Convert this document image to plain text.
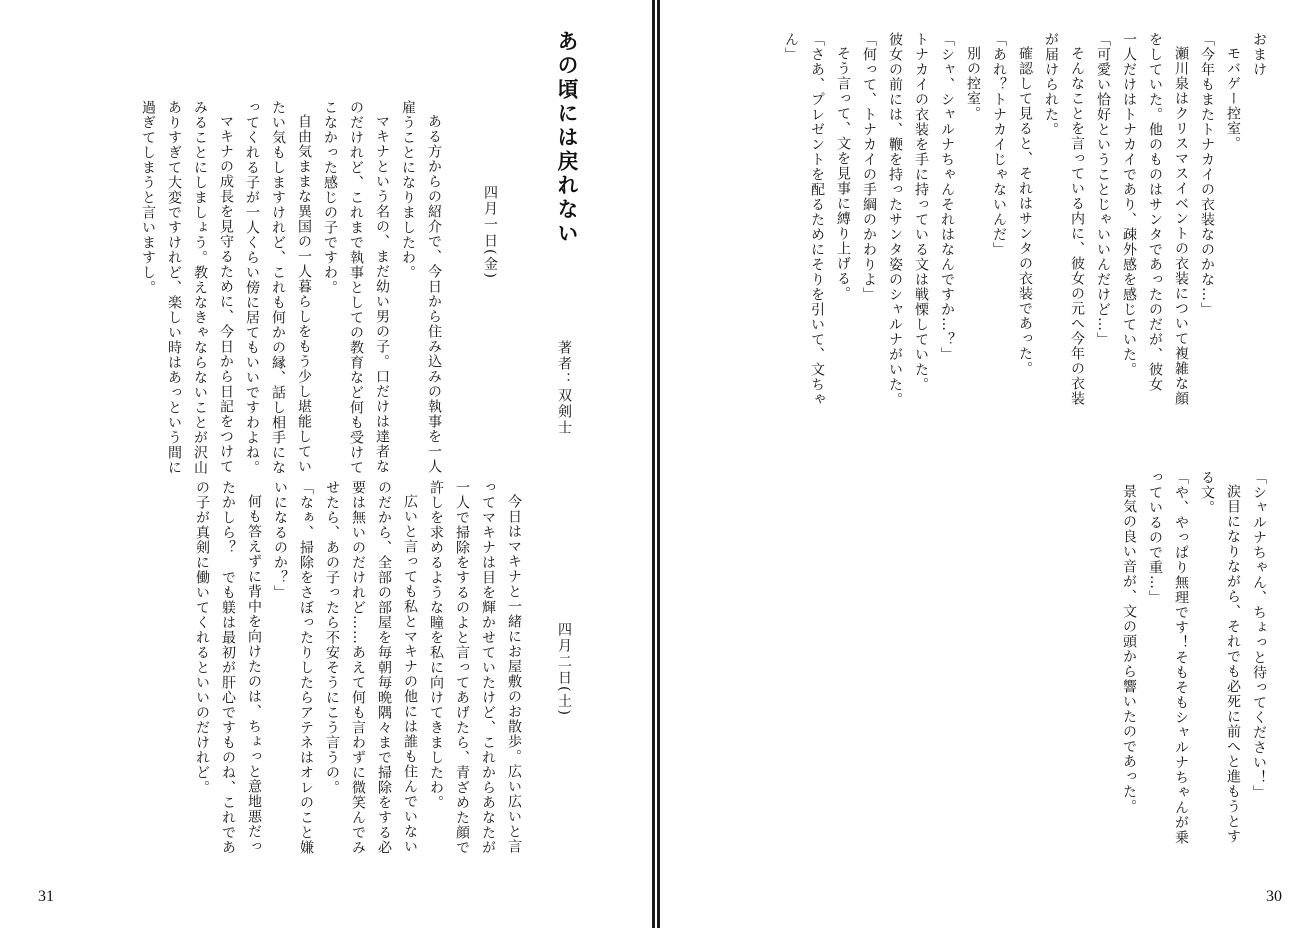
あの頃には戻れない
著者：双剣士
四月一日(金)

ある方からの紹介で、今日から住み込みの執事を一人

雇うことになりましたわ。

マキナという名の、まだ幼い男の子。口だけは達者な

のだけれど、これまで執事としての教育など何も受けて

こなかった感じの子ですわ。

自由気ままな異国の一人暮らしをもう少し堪能してい

たい気もしますけれど、これも何かの縁、話し相手にな

ってくれる子が一人くらい傍に居てもいいですわよね。

マキナの成長を見守るために、今日から日記をつけて

みることにしましょう。教えなきゃならないことが沢山

ありすぎて大変ですけれど、楽しい時はあっという間に

過ぎてしまうと言いますし。

四月二日(土)

今日はマキナと一緒にお屋敷のお散歩。広い広いと言

ってマキナは目を輝かせていたけど、これからあなたが

一人で掃除をするのよと言ってあげたら、青ざめた顔で

許しを求めるような瞳を私に向けてきましたわ。

広いと言っても私とマキナの他には誰も住んでいない

のだから、全部の部屋を毎朝毎晩隅々まで掃除をする必

要は無いのだけれど……あえて何も言わずに微笑んでみ

せたら、あの子ったら不安そうにこう言うの。

「なぁ、掃除をさぼったりしたらアテネはオレのこと嫌

いになるのか？」

何も答えずに背中を向けたのは、ちょっと意地悪だっ

たかしら？　でも躾は最初が肝心ですものね、これであ

の子が真剣に働いてくれるといいのだけれど。

31

おまけ

モバゲー控室。

「今年もまたトナカイの衣装なのかな…」

瀬川泉はクリスマスイベントの衣装について複雑な顔

をしていた。他のものはサンタであったのだが、彼女

一人だけはトナカイであり、疎外感を感じていた。

「可愛い恰好ということじゃいいんだけど…」

そんなことを言っている内に、彼女の元へ今年の衣装

が届けられた。

確認して見ると、それはサンタの衣装であった。

「あれ？トナカイじゃないんだ」

別の控室。

「シャ、シャルナちゃんそれはなんですか…？」

トナカイの衣装を手に持っている文は戦慄していた。

彼女の前には、鞭を持ったサンタ姿のシャルナがいた。

「何って、トナカイの手綱のかわりよ」

そう言って、文を見事に縛り上げる。

「さあ、プレゼントを配るためにそりを引いて、文ちゃ

ん」

「シャルナちゃん、ちょっと待ってください！」

涙目になりながら、それでも必死に前へと進もうとす

る文。

「や、やっぱり無理です！そもそもシャルナちゃんが乗

っているので重…」

景気の良い音が、文の頭から響いたのであった。

30
